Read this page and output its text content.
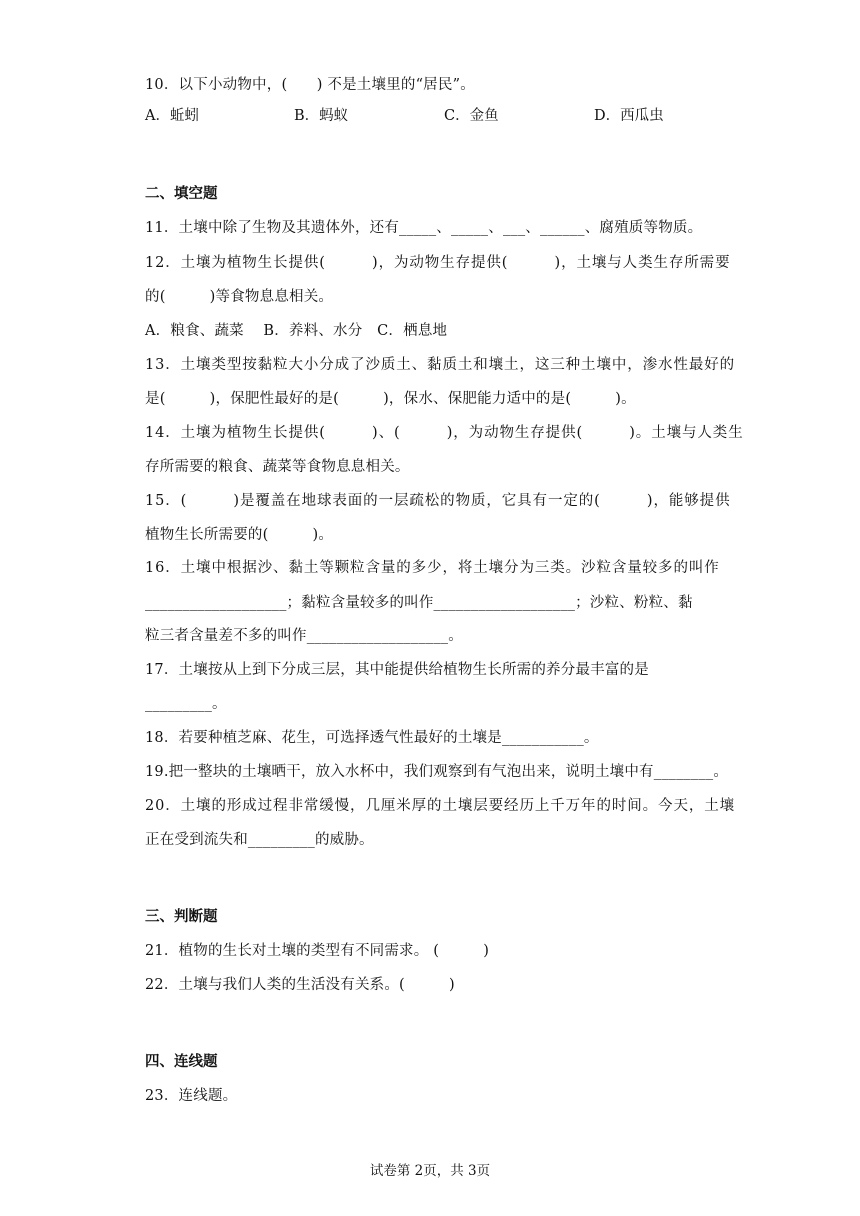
10．以下小动物中，(　　) 不是土壤里的“居民”。
A．蚯蚓	B．蚂蚁	C．金鱼	D．西瓜虫
二、填空题
11．土壤中除了生物及其遗体外，还有_____、_____、___、______、腐殖质等物质。
12．土壤为植物生长提供(　　　)，为动物生存提供(　　　)，土壤与人类生存所需要
的(　　　)等食物息息相关。
A．粮食、蔬菜　 B．养料、水分　C．栖息地
13．土壤类型按黏粒大小分成了沙质土、黏质土和壤土，这三种土壤中，渗水性最好的
是(　　　)，保肥性最好的是(　　　)，保水、保肥能力适中的是(　　　)。
14．土壤为植物生长提供(　　　)、(　　　)，为动物生存提供(　　　)。土壤与人类生
存所需要的粮食、蔬菜等食物息息相关。
15．(　　　)是覆盖在地球表面的一层疏松的物质，它具有一定的(　　　)，能够提供
植物生长所需要的(　　　)。
16．土壤中根据沙、黏土等颗粒含量的多少，将土壤分为三类。沙粒含量较多的叫作
___________________；黏粒含量较多的叫作___________________；沙粒、粉粒、黏
粒三者含量差不多的叫作___________________。
17．土壤按从上到下分成三层，其中能提供给植物生长所需的养分最丰富的是
_________。
18．若要种植芝麻、花生，可选择透气性最好的土壤是___________。
19.把一整块的土壤晒干，放入水杯中，我们观察到有气泡出来，说明土壤中有________。
20．土壤的形成过程非常缓慢，几厘米厚的土壤层要经历上千万年的时间。今天，土壤
正在受到流失和_________的威胁。
三、判断题
21．植物的生长对土壤的类型有不同需求。 (　　　)
22．土壤与我们人类的生活没有关系。(　　　)
四、连线题
23．连线题。
试卷第 2页，共 3页
